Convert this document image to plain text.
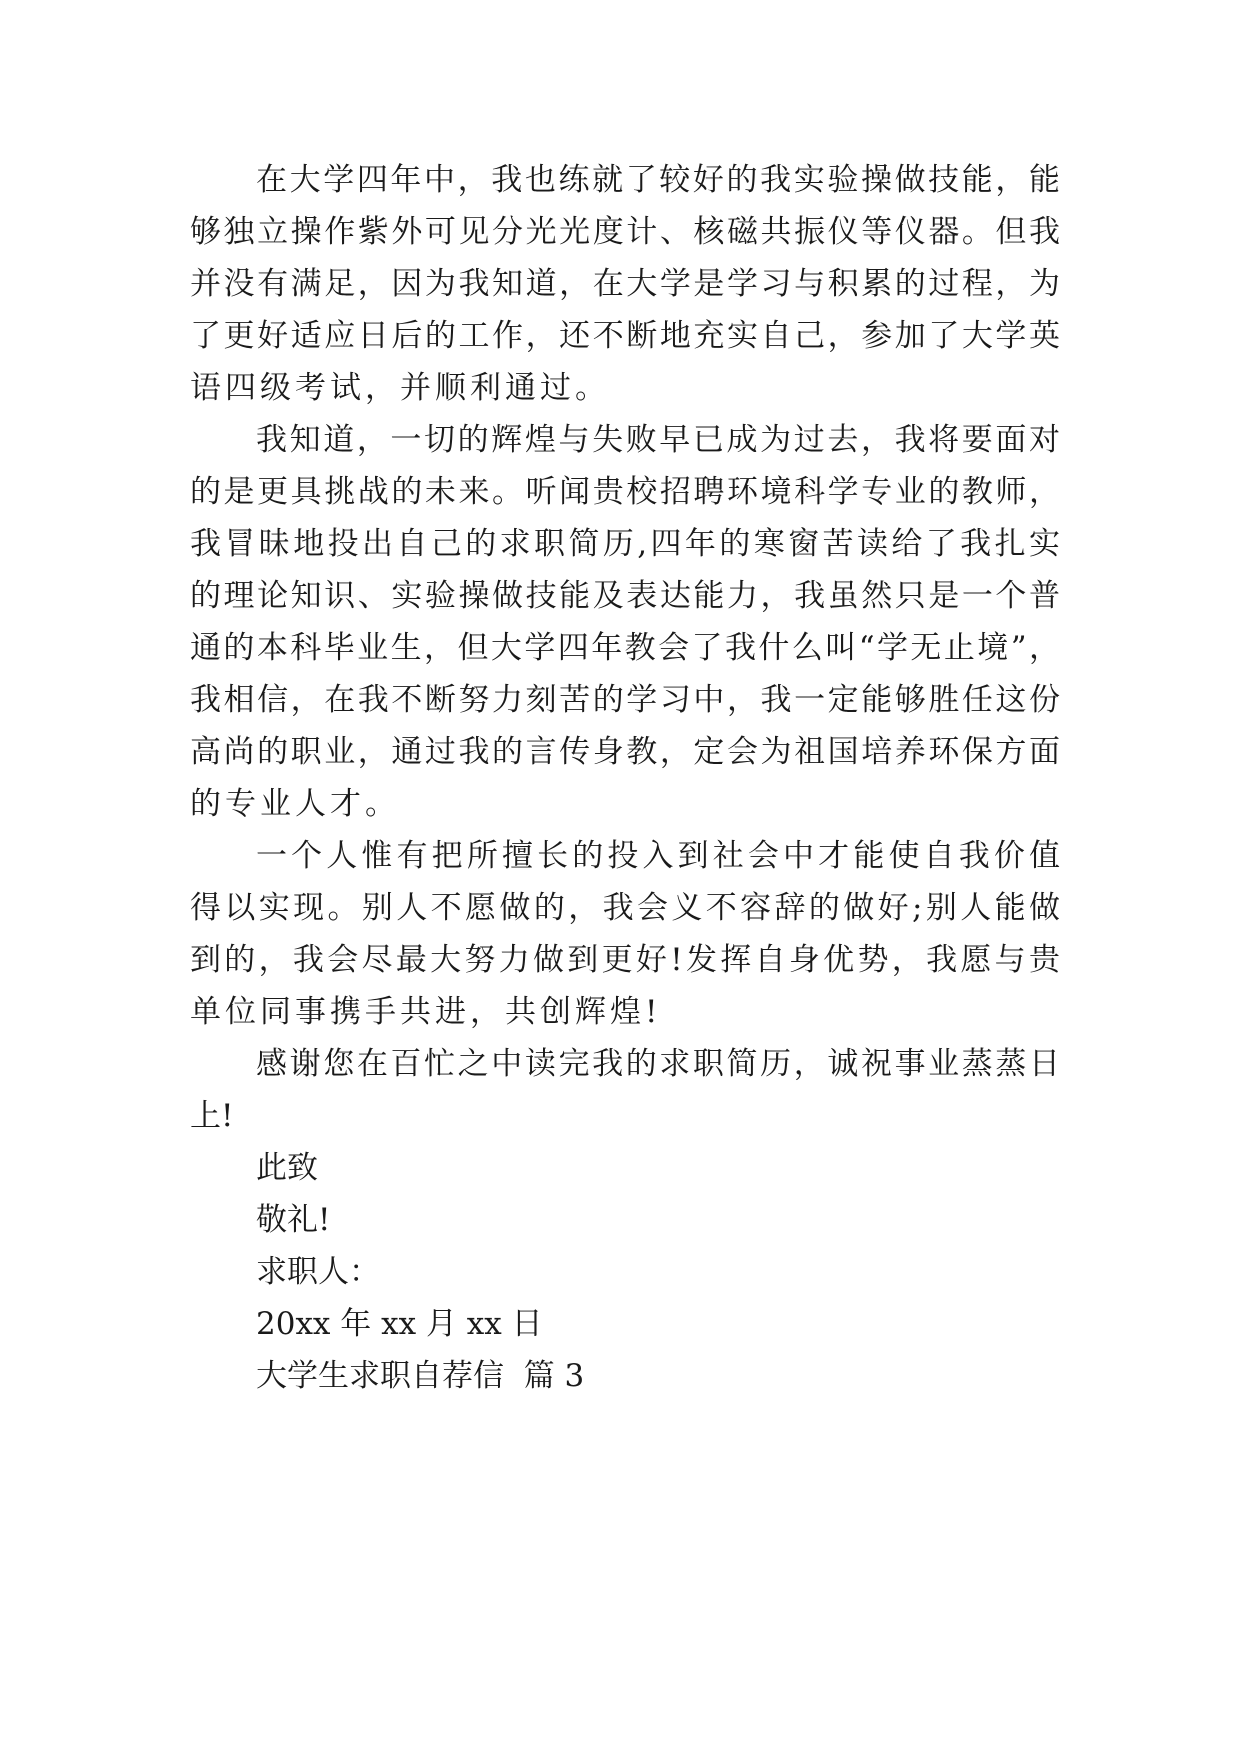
在大学四年中，我也练就了较好的我实验操做技能，能
够独立操作紫外可见分光光度计、核磁共振仪等仪器。但我
并没有满足，因为我知道，在大学是学习与积累的过程，为
了更好适应日后的工作，还不断地充实自己，参加了大学英
语四级考试，并顺利通过。
我知道，一切的辉煌与失败早已成为过去，我将要面对
的是更具挑战的未来。听闻贵校招聘环境科学专业的教师，
我冒昧地投出自己的求职简历,四年的寒窗苦读给了我扎实
的理论知识、实验操做技能及表达能力，我虽然只是一个普
通的本科毕业生，但大学四年教会了我什么叫“学无止境”，
我相信，在我不断努力刻苦的学习中，我一定能够胜任这份
高尚的职业，通过我的言传身教，定会为祖国培养环保方面
的专业人才。
一个人惟有把所擅长的投入到社会中才能使自我价值
得以实现。别人不愿做的，我会义不容辞的做好;别人能做
到的，我会尽最大努力做到更好!发挥自身优势，我愿与贵
单位同事携手共进，共创辉煌!
感谢您在百忙之中读完我的求职简历，诚祝事业蒸蒸日
上!
此致
敬礼!
求职人：
20xx 年 xx 月 xx 日
大学生求职自荐信  篇 3
